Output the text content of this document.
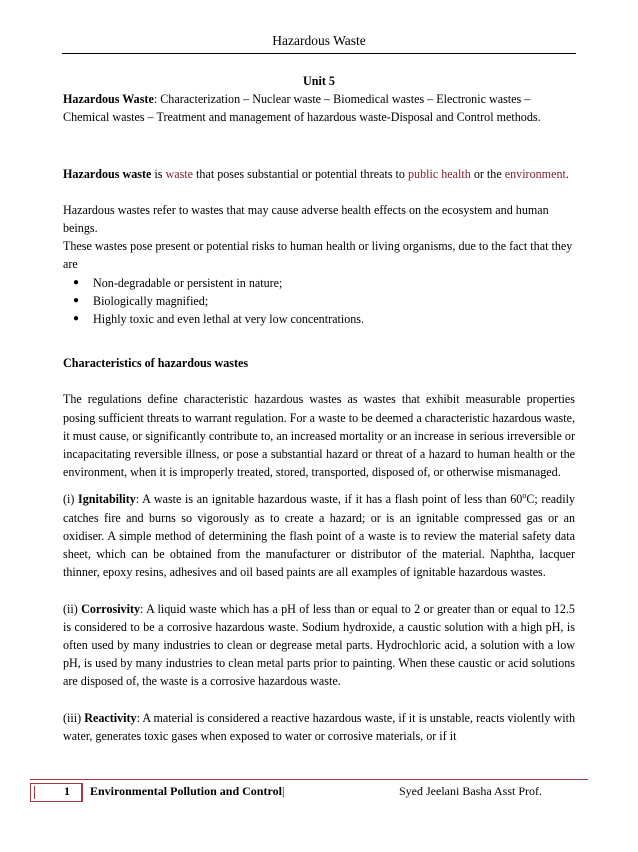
Hazardous Waste

Unit 5

Hazardous Waste: Characterization – Nuclear waste – Biomedical wastes – Electronic wastes – Chemical wastes – Treatment and management of hazardous waste-Disposal and Control methods.

Hazardous waste is waste that poses substantial or potential threats to public health or the environment.

Hazardous wastes refer to wastes that may cause adverse health effects on the ecosystem and human beings.

These wastes pose present or potential risks to human health or living organisms, due to the fact that they are

● Non-degradable or persistent in nature;
● Biologically magnified;
● Highly toxic and even lethal at very low concentrations.

Characteristics of hazardous wastes

The regulations define characteristic hazardous wastes as wastes that exhibit measurable properties posing sufficient threats to warrant regulation. For a waste to be deemed a characteristic hazardous waste, it must cause, or significantly contribute to, an increased mortality or an increase in serious irreversible or incapacitating reversible illness, or pose a substantial hazard or threat of a hazard to human health or the environment, when it is improperly treated, stored, transported, disposed of, or otherwise mismanaged.

(i) Ignitability: A waste is an ignitable hazardous waste, if it has a flash point of less than 60$^o$C; readily catches fire and burns so vigorously as to create a hazard; or is an ignitable compressed gas or an oxidiser. A simple method of determining the flash point of a waste is to review the material safety data sheet, which can be obtained from the manufacturer or distributor of the material. Naphtha, lacquer thinner, epoxy resins, adhesives and oil based paints are all examples of ignitable hazardous wastes.

(ii) Corrosivity: A liquid waste which has a pH of less than or equal to 2 or greater than or equal to 12.5 is considered to be a corrosive hazardous waste. Sodium hydroxide, a caustic solution with a high pH, is often used by many industries to clean or degrease metal parts. Hydrochloric acid, a solution with a low pH, is used by many industries to clean metal parts prior to painting. When these caustic or acid solutions are disposed of, the waste is a corrosive hazardous waste.

(iii) Reactivity: A material is considered a reactive hazardous waste, if it is unstable, reacts violently with water, generates toxic gases when exposed to water or corrosive materials, or if it

1 Environmental Pollution and Control|	Syed Jeelani Basha Asst Prof.
